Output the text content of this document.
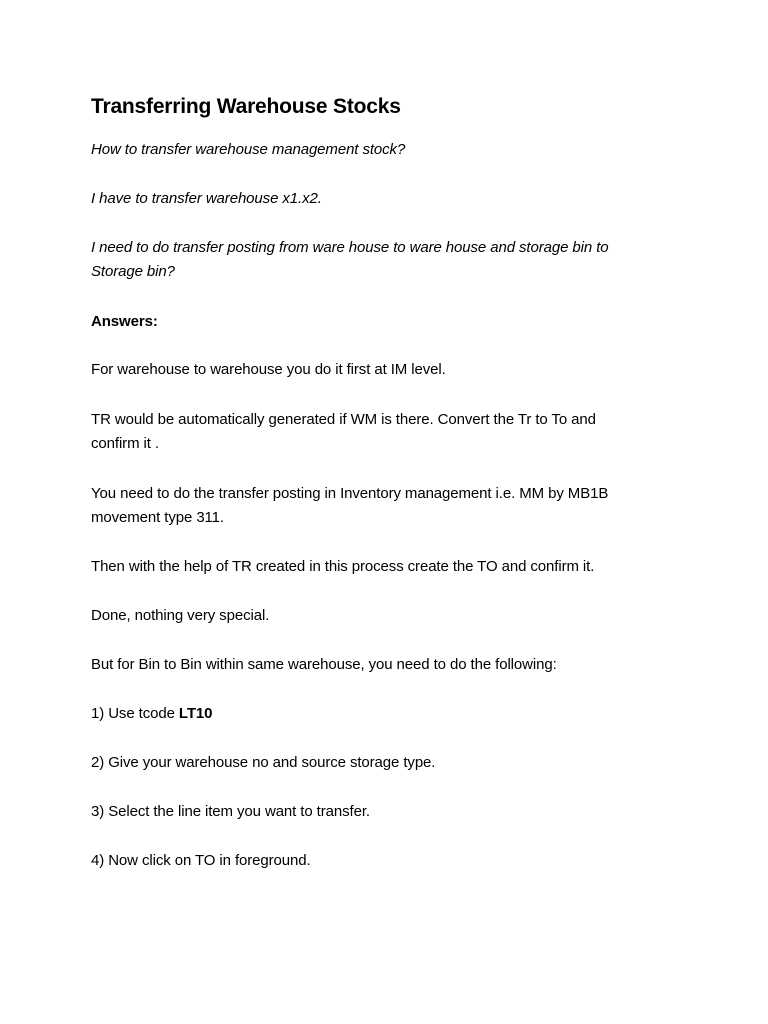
Transferring Warehouse Stocks

How to transfer warehouse management stock?

I have to transfer warehouse x1.x2.

I need to do transfer posting from ware house to ware house and storage bin to Storage bin?

Answers:

For warehouse to warehouse you do it first at IM level.

TR would be automatically generated if WM is there. Convert the Tr to To and confirm it .

You need to do the transfer posting in Inventory management i.e. MM by MB1B movement type 311.

Then with the help of TR created in this process create the TO and confirm it.

Done, nothing very special.

But for Bin to Bin within same warehouse, you need to do the following:

1) Use tcode LT10

2) Give your warehouse no and source storage type.

3) Select the line item you want to transfer.

4) Now click on TO in foreground.
